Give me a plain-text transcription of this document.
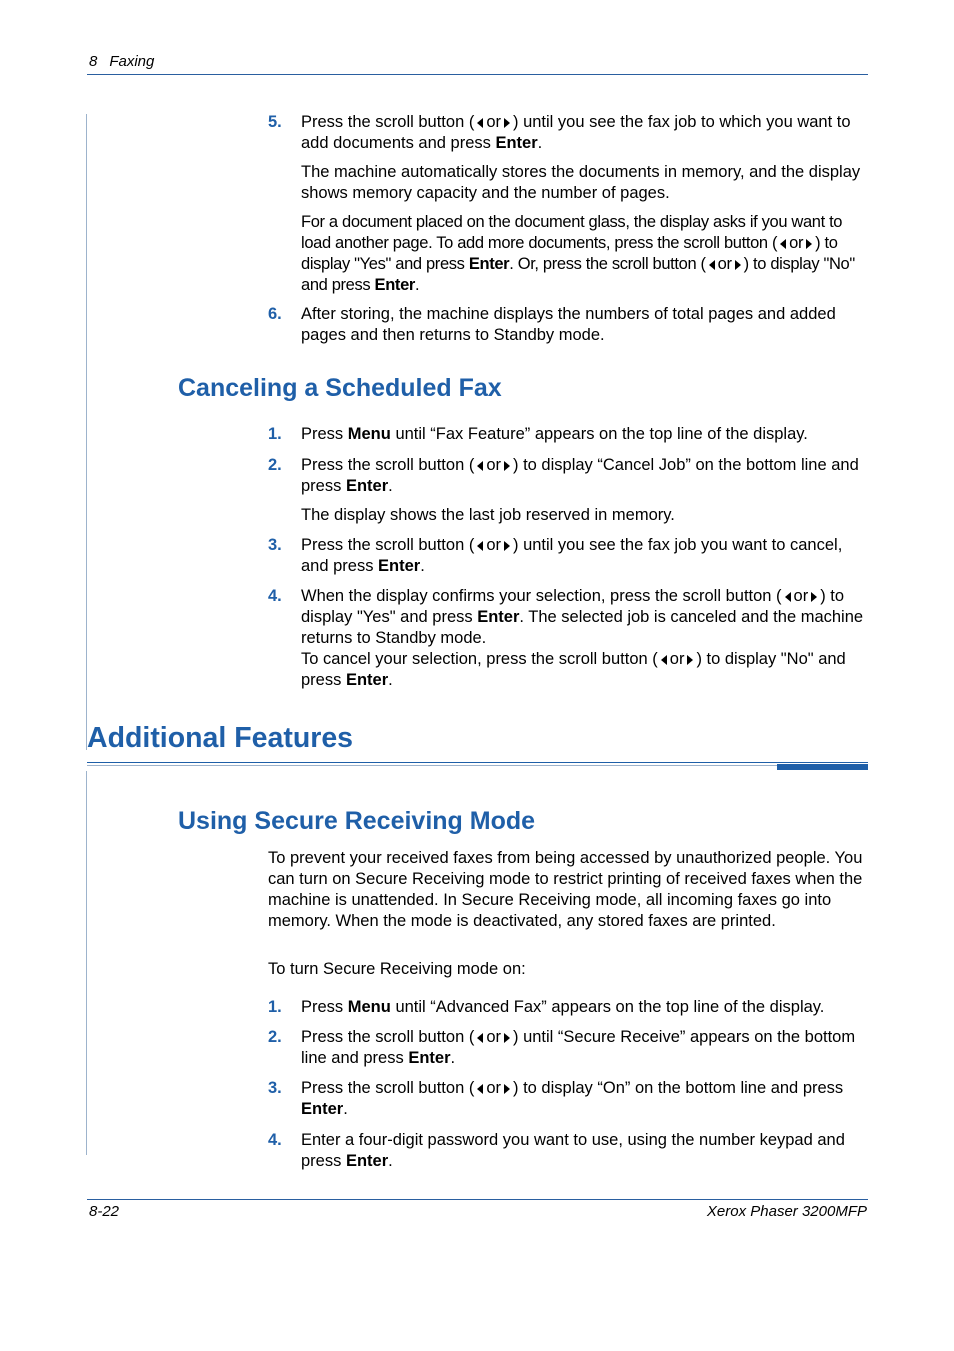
8 Faxing
5. Press the scroll button ( or ) until you see the fax job to which you want to add documents and press Enter.
The machine automatically stores the documents in memory, and the display shows memory capacity and the number of pages.
For a document placed on the document glass, the display asks if you want to load another page. To add more documents, press the scroll button ( or ) to display "Yes" and press Enter. Or, press the scroll button ( or ) to display "No" and press Enter.
6. After storing, the machine displays the numbers of total pages and added pages and then returns to Standby mode.
Canceling a Scheduled Fax
1. Press Menu until “Fax Feature” appears on the top line of the display.
2. Press the scroll button ( or ) to display “Cancel Job” on the bottom line and press Enter.
The display shows the last job reserved in memory.
3. Press the scroll button ( or ) until you see the fax job you want to cancel, and press Enter.
4. When the display confirms your selection, press the scroll button ( or ) to display "Yes" and press Enter. The selected job is canceled and the machine returns to Standby mode.
To cancel your selection, press the scroll button ( or ) to display "No" and press Enter.
Additional Features
Using Secure Receiving Mode
To prevent your received faxes from being accessed by unauthorized people. You can turn on Secure Receiving mode to restrict printing of received faxes when the machine is unattended. In Secure Receiving mode, all incoming faxes go into memory. When the mode is deactivated, any stored faxes are printed.
To turn Secure Receiving mode on:
1. Press Menu until “Advanced Fax” appears on the top line of the display.
2. Press the scroll button ( or ) until “Secure Receive” appears on the bottom line and press Enter.
3. Press the scroll button ( or ) to display “On” on the bottom line and press Enter.
4. Enter a four-digit password you want to use, using the number keypad and press Enter.
8-22	Xerox Phaser 3200MFP
